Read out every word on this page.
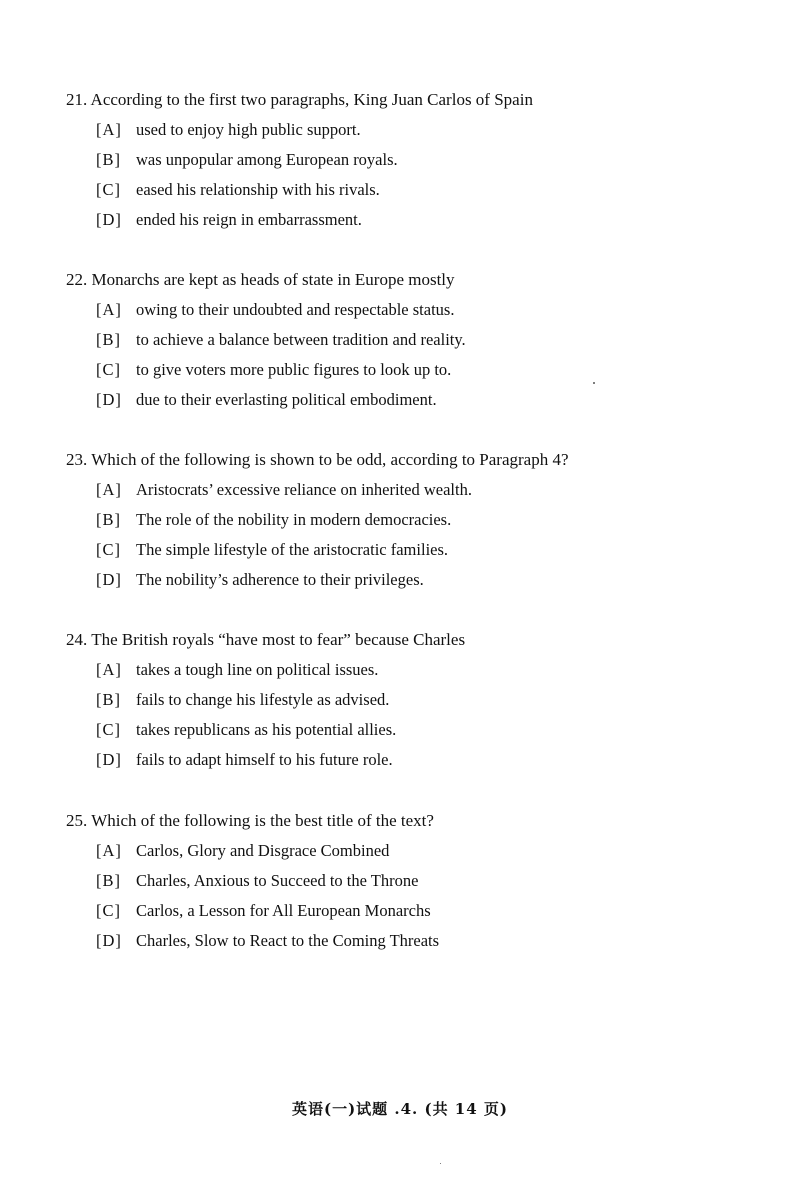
21. According to the first two paragraphs, King Juan Carlos of Spain

[A] used to enjoy high public support.
[B] was unpopular among European royals.
[C] eased his relationship with his rivals.
[D] ended his reign in embarrassment.

22. Monarchs are kept as heads of state in Europe mostly

[A] owing to their undoubted and respectable status.
[B] to achieve a balance between tradition and reality.
[C] to give voters more public figures to look up to.
[D] due to their everlasting political embodiment.

23. Which of the following is shown to be odd, according to Paragraph 4?

[A] Aristocrats’ excessive reliance on inherited wealth.
[B] The role of the nobility in modern democracies.
[C] The simple lifestyle of the aristocratic families.
[D] The nobility’s adherence to their privileges.

24. The British royals “have most to fear” because Charles

[A] takes a tough line on political issues.
[B] fails to change his lifestyle as advised.
[C] takes republicans as his potential allies.
[D] fails to adapt himself to his future role.

25. Which of the following is the best title of the text?

[A] Carlos, Glory and Disgrace Combined
[B] Charles, Anxious to Succeed to the Throne
[C] Carlos, a Lesson for All European Monarchs
[D] Charles, Slow to React to the Coming Threats
英语(一)试题 .4. (共 14 页)
